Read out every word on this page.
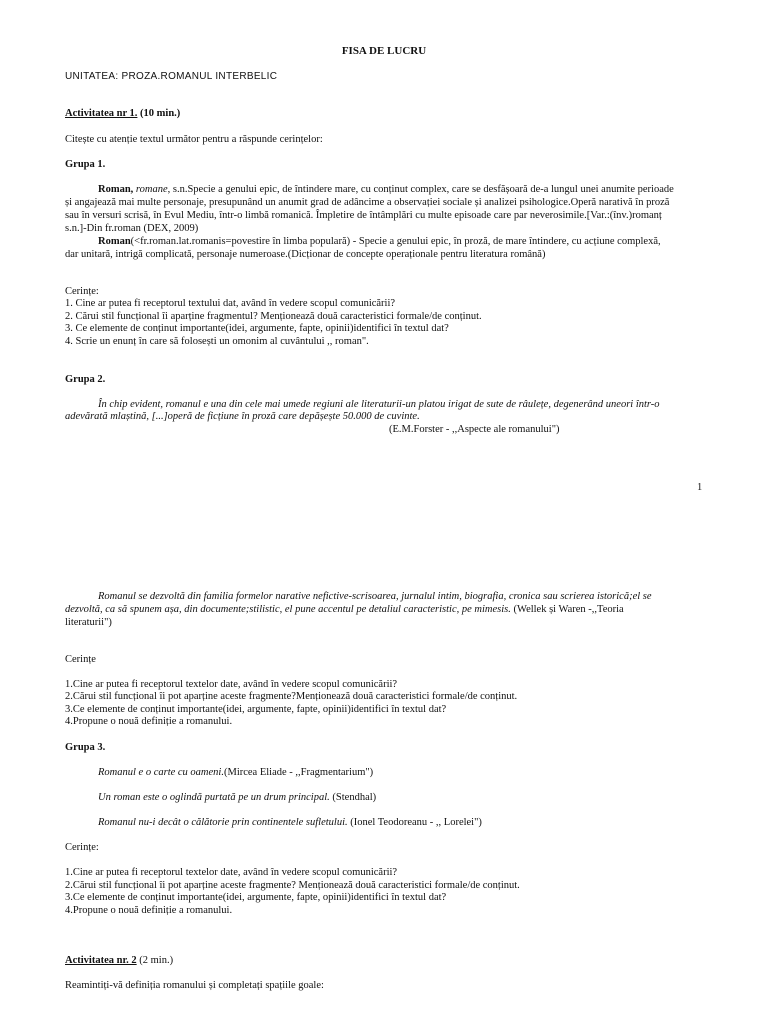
FISA DE LUCRU
UNITATEA: PROZA.ROMANUL INTERBELIC
Activitatea nr 1. (10 min.)
Citește cu atenție textul următor pentru a răspunde cerințelor:
Grupa 1.
Roman, romane, s.n.Specie a genului epic, de întindere mare, cu conținut complex, care se desfășoară de-a lungul unei anumite perioade
și angajează mai multe personaje, presupunând un anumit grad de adâncime a observației sociale și analizei psihologice.Operă narativă în proză
sau în versuri scrisă, în Evul Mediu, într-o limbă romanică. Împletire de întâmplări cu multe episoade care par neverosimile.[Var.:(înv.)romanț
s.n.]-Din fr.roman (DEX, 2009)
Roman(<fr.roman.lat.romanis=povestire în limba populară) - Specie a genului epic, în proză, de mare întindere, cu acțiune complexă,
dar unitară, intrigă complicată, personaje numeroase.(Dicționar de concepte operaționale pentru literatura română)
Cerințe:
1. Cine ar putea fi receptorul textului dat, având în vedere scopul comunicării?
2. Cărui stil funcțional îi aparține fragmentul? Menționează două caracteristici formale/de conținut.
3. Ce elemente de conținut importante(idei, argumente, fapte, opinii)identifici în textul dat?
4. Scrie un enunț în care să folosești un omonim al cuvântului ,, roman".
Grupa 2.
În chip evident, romanul e una din cele mai umede regiuni ale literaturii-un platou irigat de sute de râulețe, degenerând uneori într-o
adevărată mlaștină, [...]operă de ficțiune în proză care depășește 50.000 de cuvinte.
(E.M.Forster - ,,Aspecte ale romanului")
1
Romanul se dezvoltă din familia formelor narative nefictive-scrisoarea, jurnalul intim, biografia, cronica sau scrierea istorică;el se
dezvoltă, ca să spunem așa, din documente;stilistic, el pune accentul pe detaliul caracteristic, pe mimesis. (Wellek și Waren -,,Teoria
literaturii")
Cerințe
1.Cine ar putea fi receptorul textelor date, având în vedere scopul comunicării?
2.Cărui stil funcțional îi pot aparține aceste fragmente?Menționează două caracteristici formale/de conținut.
3.Ce elemente de conținut importante(idei, argumente, fapte, opinii)identifici în textul dat?
4.Propune o nouă definiție a romanului.
Grupa 3.
Romanul e o carte cu oameni.(Mircea Eliade - ,,Fragmentarium")
Un roman este o oglindă purtată pe un drum principal. (Stendhal)
Romanul nu-i decât o călătorie prin continentele sufletului. (Ionel Teodoreanu - ,, Lorelei")
Cerințe:
1.Cine ar putea fi receptorul textelor date, având în vedere scopul comunicării?
2.Cărui stil funcțional îi pot aparține aceste fragmente? Menționează două caracteristici formale/de conținut.
3.Ce elemente de conținut importante(idei, argumente, fapte, opinii)identifici în textul dat?
4.Propune o nouă definiție a romanului.
Activitatea nr. 2 (2 min.)
Reamintiți-vă definiția romanului și completați spațiile goale:
